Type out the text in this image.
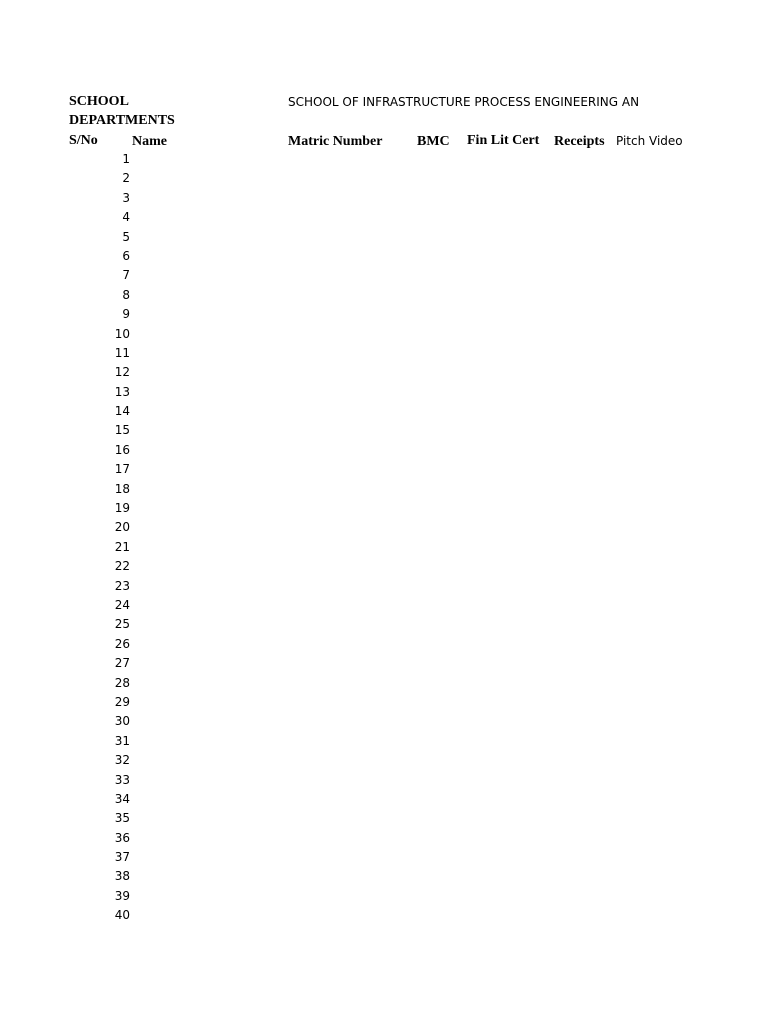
SCHOOL
DEPARTMENTS
SCHOOL OF INFRASTRUCTURE PROCESS ENGINEERING AN
S/No Name	Matric Number BMC Fin Lit Cert Receipts Pitch Video
1
2
3
4
5
6
7
8
9
10
11
12
13
14
15
16
17
18
19
20
21
22
23
24
25
26
27
28
29
30
31
32
33
34
35
36
37
38
39
40
